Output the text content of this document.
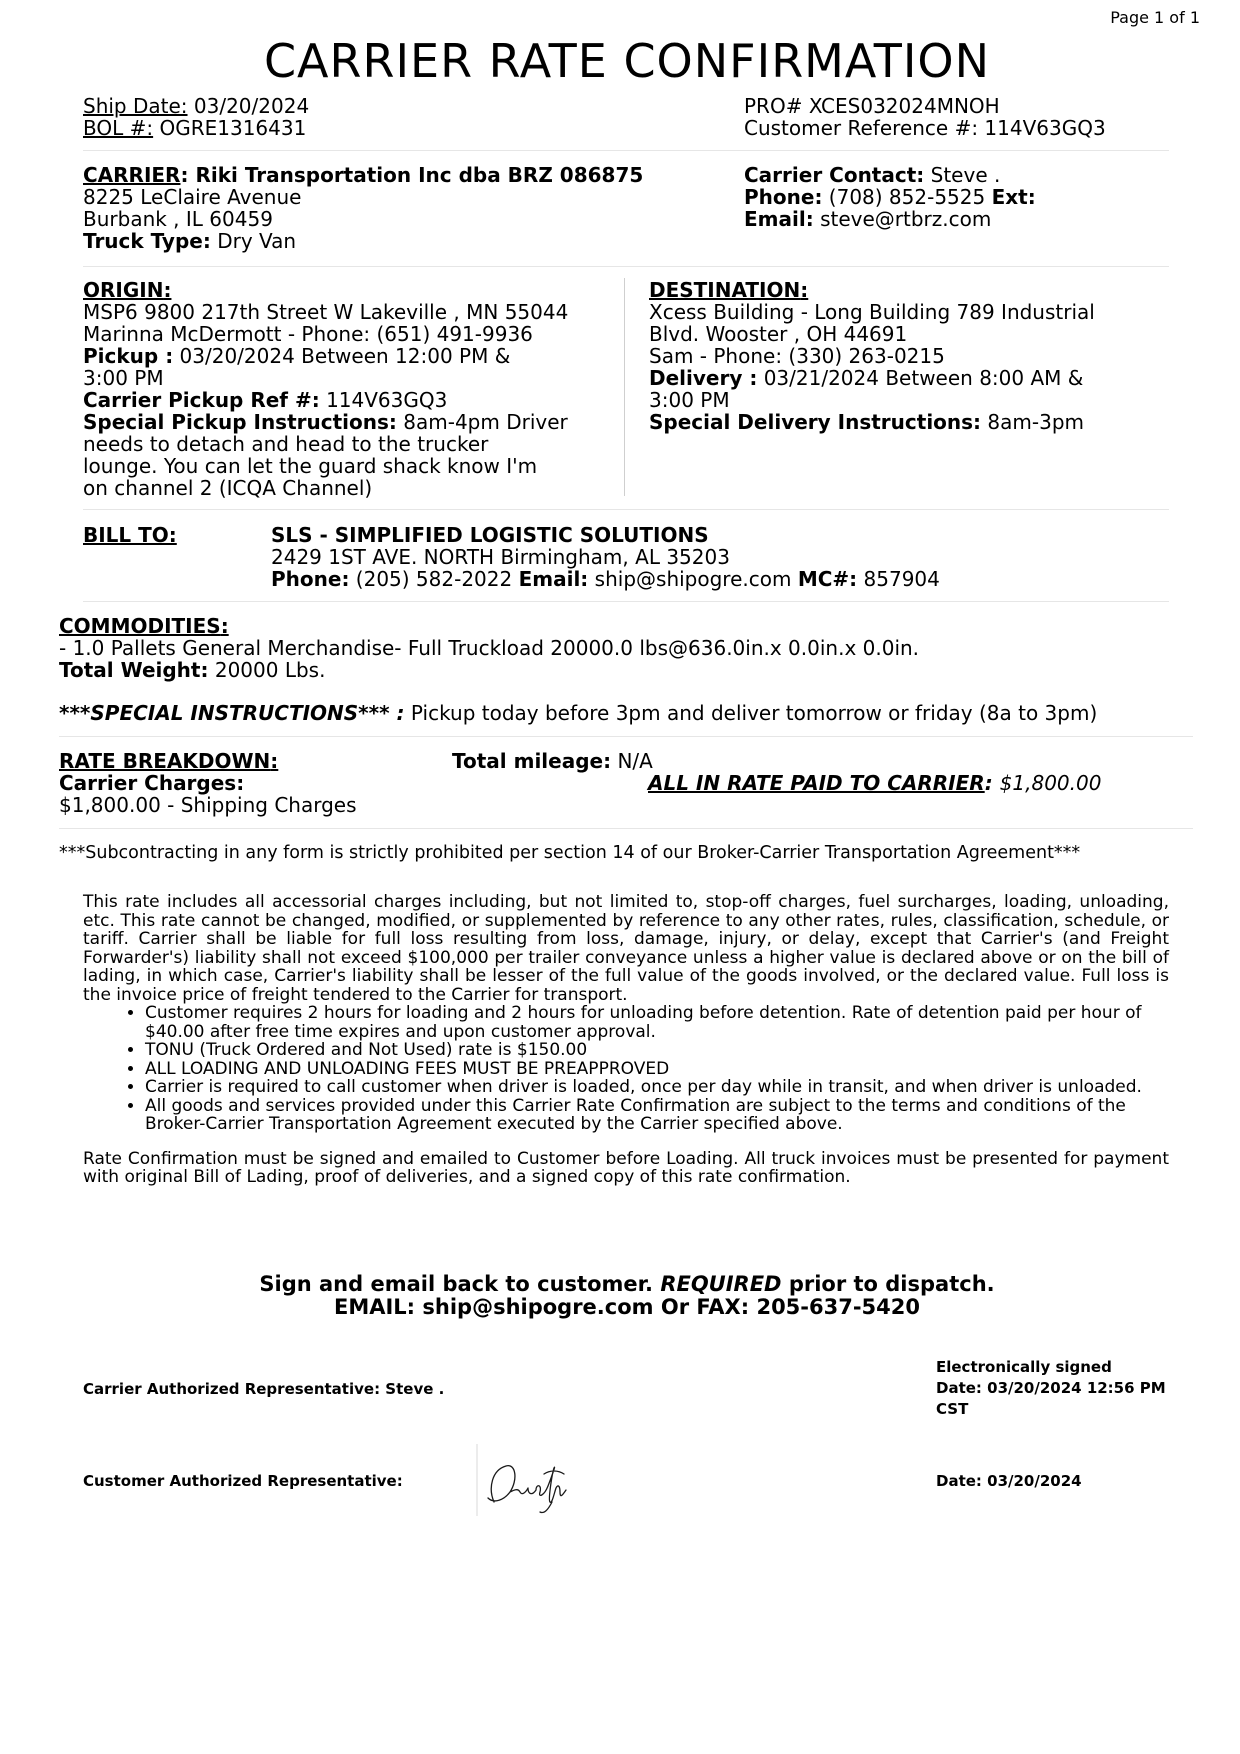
Page 1 of 1
CARRIER RATE CONFIRMATION
Ship Date: 03/20/2024
BOL #: OGRE1316431
PRO# XCES032024MNOH
Customer Reference #: 114V63GQ3
CARRIER: Riki Transportation Inc dba BRZ 086875
8225 LeClaire Avenue
Burbank , IL 60459
Truck Type: Dry Van
Carrier Contact: Steve .
Phone: (708) 852-5525 Ext:
Email: steve@rtbrz.com
ORIGIN:
MSP6 9800 217th Street W Lakeville , MN 55044
Marinna McDermott - Phone: (651) 491-9936
Pickup : 03/20/2024 Between 12:00 PM &
3:00 PM
Carrier Pickup Ref #: 114V63GQ3
Special Pickup Instructions: 8am-4pm Driver
needs to detach and head to the trucker
lounge. You can let the guard shack know I'm
on channel 2 (ICQA Channel)
DESTINATION:
Xcess Building - Long Building 789 Industrial
Blvd. Wooster , OH 44691
Sam - Phone: (330) 263-0215
Delivery : 03/21/2024 Between 8:00 AM &
3:00 PM
Special Delivery Instructions: 8am-3pm
BILL TO:	SLS - SIMPLIFIED LOGISTIC SOLUTIONS
2429 1ST AVE. NORTH Birmingham, AL 35203
Phone: (205) 582-2022 Email: ship@shipogre.com MC#: 857904
COMMODITIES:
- 1.0 Pallets General Merchandise- Full Truckload 20000.0 lbs@636.0in.x 0.0in.x 0.0in.
Total Weight: 20000 Lbs.
***SPECIAL INSTRUCTIONS*** : Pickup today before 3pm and deliver tomorrow or friday (8a to 3pm)
RATE BREAKDOWN:
Carrier Charges:
$1,800.00 - Shipping Charges
Total mileage: N/A
ALL IN RATE PAID TO CARRIER: $1,800.00
***Subcontracting in any form is strictly prohibited per section 14 of our Broker-Carrier Transportation Agreement***
This rate includes all accessorial charges including, but not limited to, stop-off charges, fuel surcharges, loading, unloading, etc. This rate cannot be changed, modified, or supplemented by reference to any other rates, rules, classification, schedule, or tariff. Carrier shall be liable for full loss resulting from loss, damage, injury, or delay, except that Carrier's (and Freight Forwarder's) liability shall not exceed $100,000 per trailer conveyance unless a higher value is declared above or on the bill of lading, in which case, Carrier's liability shall be lesser of the full value of the goods involved, or the declared value. Full loss is the invoice price of freight tendered to the Carrier for transport.
• Customer requires 2 hours for loading and 2 hours for unloading before detention. Rate of detention paid per hour of $40.00 after free time expires and upon customer approval.
• TONU (Truck Ordered and Not Used) rate is $150.00
• ALL LOADING AND UNLOADING FEES MUST BE PREAPPROVED
• Carrier is required to call customer when driver is loaded, once per day while in transit, and when driver is unloaded.
• All goods and services provided under this Carrier Rate Confirmation are subject to the terms and conditions of the Broker-Carrier Transportation Agreement executed by the Carrier specified above.
Rate Confirmation must be signed and emailed to Customer before Loading. All truck invoices must be presented for payment with original Bill of Lading, proof of deliveries, and a signed copy of this rate confirmation.
Sign and email back to customer. REQUIRED prior to dispatch.
EMAIL: ship@shipogre.com Or FAX: 205-637-5420
Carrier Authorized Representative: Steve .
Electronically signed
Date: 03/20/2024 12:56 PM
CST
Customer Authorized Representative:	Date: 03/20/2024
